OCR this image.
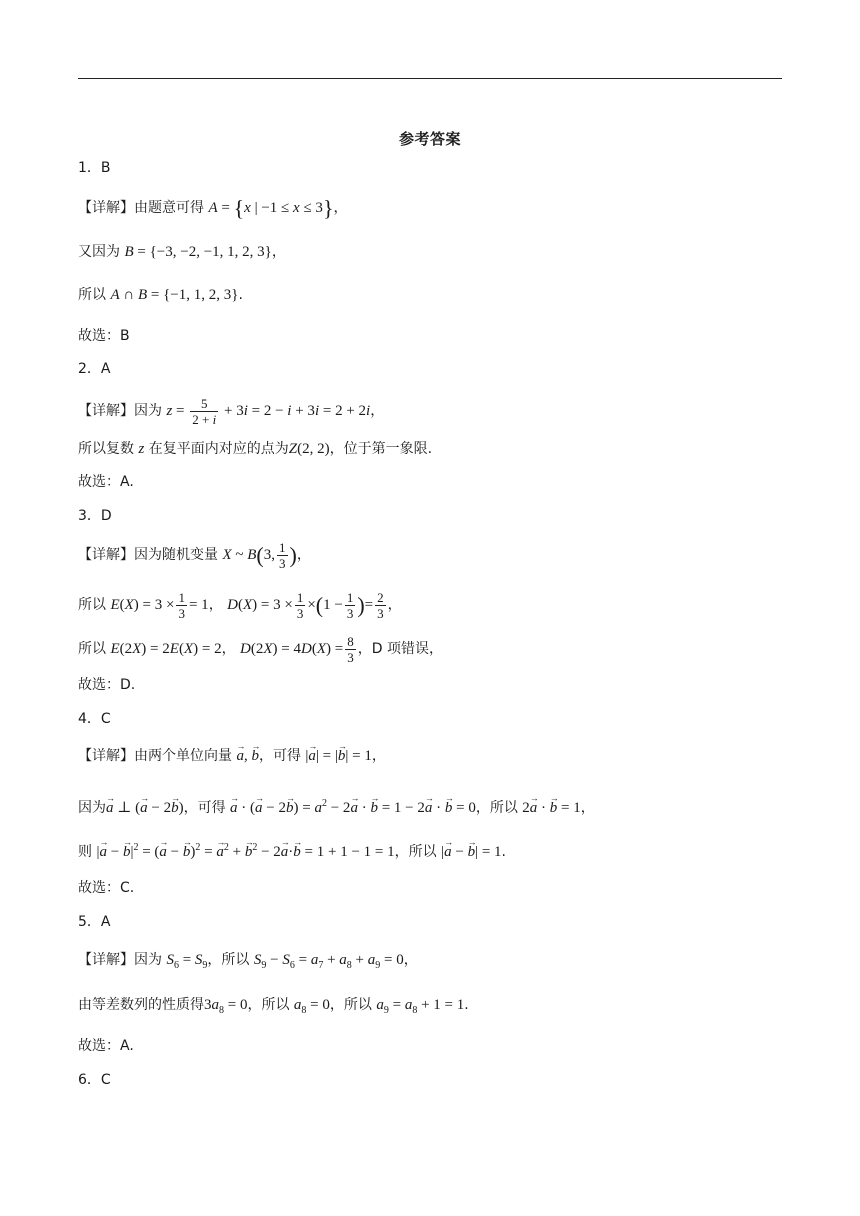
参考答案
1．B
【详解】由题意可得 A = {x | −1 ≤ x ≤ 3}，
又因为 B = {−3, −2, −1, 1, 2, 3}，
所以 A ∩ B = {−1, 1, 2, 3}.
故选：B
2．A
【详解】因为 $z = \frac{5}{2 + i} + 3i = 2 - i + 3i = 2 + 2i$，
所以复数 z 在复平面内对应的点为Z(2, 2)，位于第一象限.
故选：A.
3．D
【详解】因为随机变量 X ~ B(3, $\frac{1}{3}$ )，
所以 $E(X) = 3 \times \frac{1}{3} = 1$， $D(X) = 3 \times \frac{1}{3} \times(1 - \frac{1}{3}$ )= $\frac{2}{3}$ ，
所以 E(2X) = 2E(X) = 2， $D(2X) = 4D(X) = \frac{8}{3}$ ，D 项错误，
故选：D.
4．C
【详解】由两个单位向量 → a, → b，可得 |→ a| = |→ b| = 1，
因为→ a ⊥ (→ a − 2→ b)，可得 → a · (→ $a - 2\to b) = a^2 - 2\to a$ · → b = 1 − 2→ a · → b = 0，所以 2→ a · → b = 1，
则 |→ a − → $b|^2$ = (→ a − → b)$^2$ = → $a^2$ + → $b^2 - 2\to a\cdot\to b = 1 + 1 - 1 = 1$，所以 |→ a − → b| = 1.
故选：C.
5．A
【详解】因为 $S_6 = S_9$，所以 $S_9 - S_6 = a_7 + a_8 + a_9 = 0$，
由等差数列的性质得$3a_8 = 0$，所以 $a_8 = 0$，所以 $a_9 = a_8 + 1 = 1$.
故选：A.
6．C
